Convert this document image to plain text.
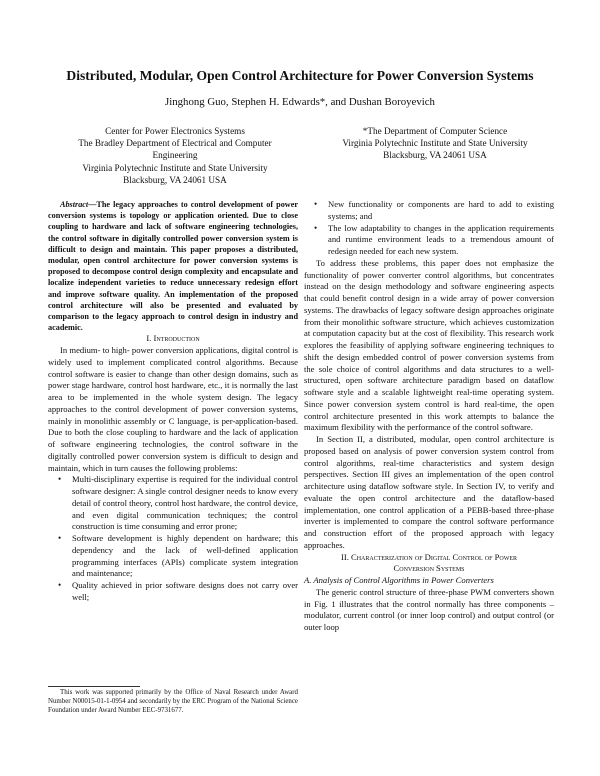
Distributed, Modular, Open Control Architecture for Power Conversion Systems
Jinghong Guo, Stephen H. Edwards*, and Dushan Boroyevich
Center for Power Electronics Systems
The Bradley Department of Electrical and Computer Engineering
Virginia Polytechnic Institute and State University
Blacksburg, VA 24061 USA
*The Department of Computer Science
Virginia Polytechnic Institute and State University
Blacksburg, VA 24061 USA

Abstract—The legacy approaches to control development of power conversion systems is topology or application oriented. Due to close coupling to hardware and lack of software engineering technologies, the control software in digitally controlled power conversion system is difficult to design and maintain. This paper proposes a distributed, modular, open control architecture for power conversion systems is proposed to decompose control design complexity and encapsulate and localize independent varieties to reduce unnecessary redesign effort and improve software quality. An implementation of the proposed control architecture will also be presented and evaluated by comparison to the legacy approach to control design in industry and academic.

I. Introduction

In medium- to high- power conversion applications, digital control is widely used to implement complicated control algorithms. Because control software is easier to change than other design domains, such as power stage hardware, control host hardware, etc., it is normally the last area to be implemented in the whole system design. The legacy approaches to the control development of power conversion systems, mainly in monolithic assembly or C language, is per-application-based. Due to both the close coupling to hardware and the lack of application of software engineering technologies, the control software in the digitally controlled power conversion system is difficult to design and maintain, which in turn causes the following problems:

• Multi-disciplinary expertise is required for the individual control software designer: A single control designer needs to know every detail of control theory, control host hardware, the control device, and even digital communication techniques; the control construction is time consuming and error prone;
• Software development is highly dependent on hardware; this dependency and the lack of well-defined application programming interfaces (APIs) complicate system integration and maintenance;
• Quality achieved in prior software designs does not carry over well;

This work was supported primarily by the Office of Naval Research under Award Number N00015-01-1-0954 and secondarily by the ERC Program of the National Science Foundation under Award Number EEC-9731677.

• New functionality or components are hard to add to existing systems; and
• The low adaptability to changes in the application requirements and runtime environment leads to a tremendous amount of redesign needed for each new system.

To address these problems, this paper does not emphasize the functionality of power converter control algorithms, but concentrates instead on the design methodology and software engineering aspects that could benefit control design in a wide array of power conversion systems. The drawbacks of legacy software design approaches originate from their monolithic software structure, which achieves customization at computation capacity but at the cost of flexibility. This research work explores the feasibility of applying software engineering techniques to shift the design embedded control of power conversion systems from the sole choice of control algorithms and data structures to a well-structured, open software architecture paradigm based on dataflow software style and a scalable lightweight real-time operating system. Since power conversion system control is hard real-time, the open control architecture presented in this work attempts to balance the maximum flexibility with the performance of the control software.

In Section II, a distributed, modular, open control architecture is proposed based on analysis of power conversion system control from control algorithms, real-time characteristics and system design perspectives. Section III gives an implementation of the open control architecture using dataflow software style. In Section IV, to verify and evaluate the open control architecture and the dataflow-based implementation, one control application of a PEBB-based three-phase inverter is implemented to compare the control software performance and construction effort of the proposed approach with legacy approaches.

II. Characterization of Digital Control of Power
Conversion Systems

A. Analysis of Control Algorithms in Power Converters

The generic control structure of three-phase PWM converters shown in Fig. 1 illustrates that the control normally has three components – modulator, current control (or inner loop control) and output control (or outer loop
